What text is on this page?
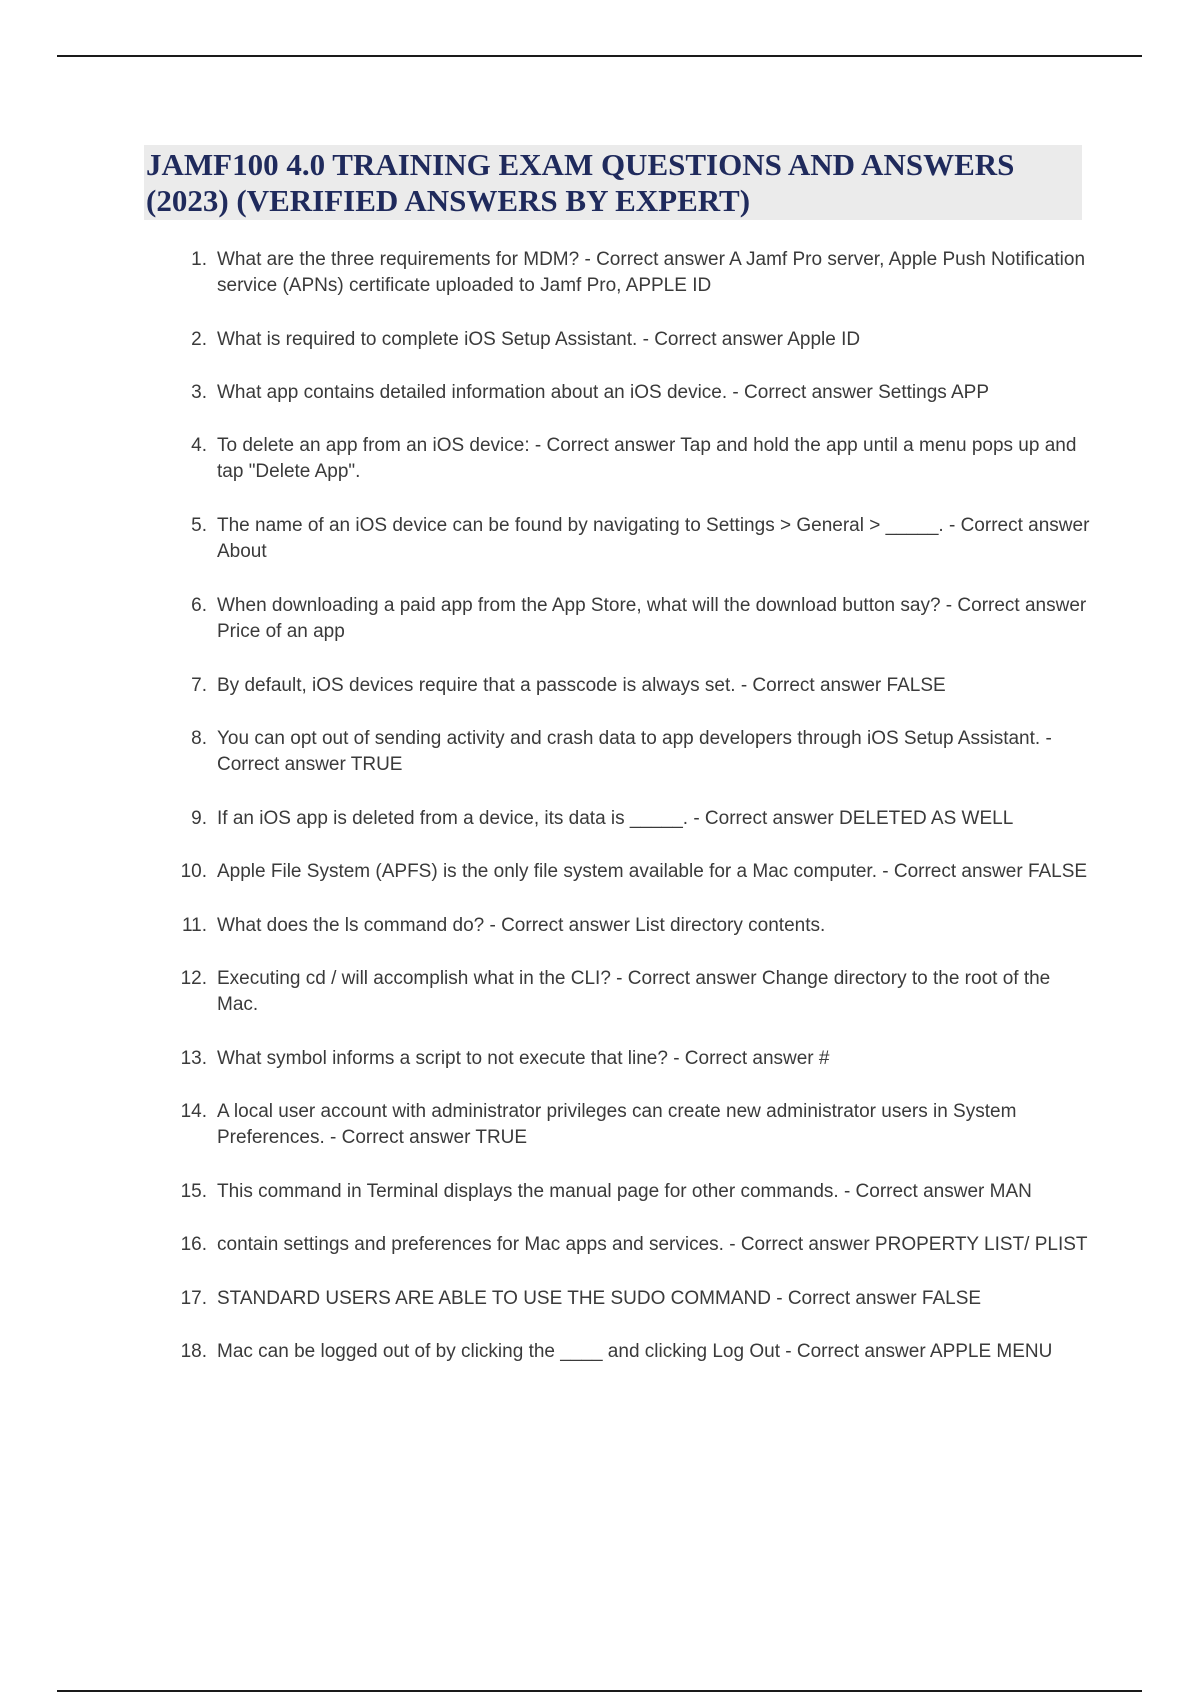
JAMF100 4.0 TRAINING EXAM QUESTIONS AND ANSWERS (2023) (VERIFIED ANSWERS BY EXPERT)
1. What are the three requirements for MDM? - Correct answer A Jamf Pro server, Apple Push Notification service (APNs) certificate uploaded to Jamf Pro, APPLE ID
2. What is required to complete iOS Setup Assistant. - Correct answer Apple ID
3. What app contains detailed information about an iOS device. - Correct answer Settings APP
4. To delete an app from an iOS device: - Correct answer Tap and hold the app until a menu pops up and tap "Delete App".
5. The name of an iOS device can be found by navigating to Settings > General > _____. - Correct answer About
6. When downloading a paid app from the App Store, what will the download button say? - Correct answer Price of an app
7. By default, iOS devices require that a passcode is always set. - Correct answer FALSE
8. You can opt out of sending activity and crash data to app developers through iOS Setup Assistant. - Correct answer TRUE
9. If an iOS app is deleted from a device, its data is _____. - Correct answer DELETED AS WELL
10. Apple File System (APFS) is the only file system available for a Mac computer. - Correct answer FALSE
11. What does the ls command do? - Correct answer List directory contents.
12. Executing cd / will accomplish what in the CLI? - Correct answer Change directory to the root of the Mac.
13. What symbol informs a script to not execute that line? - Correct answer #
14. A local user account with administrator privileges can create new administrator users in System Preferences. - Correct answer TRUE
15. This command in Terminal displays the manual page for other commands. - Correct answer MAN
16. contain settings and preferences for Mac apps and services. - Correct answer PROPERTY LIST/ PLIST
17. STANDARD USERS ARE ABLE TO USE THE SUDO COMMAND - Correct answer FALSE
18. Mac can be logged out of by clicking the ____ and clicking Log Out - Correct answer APPLE MENU
